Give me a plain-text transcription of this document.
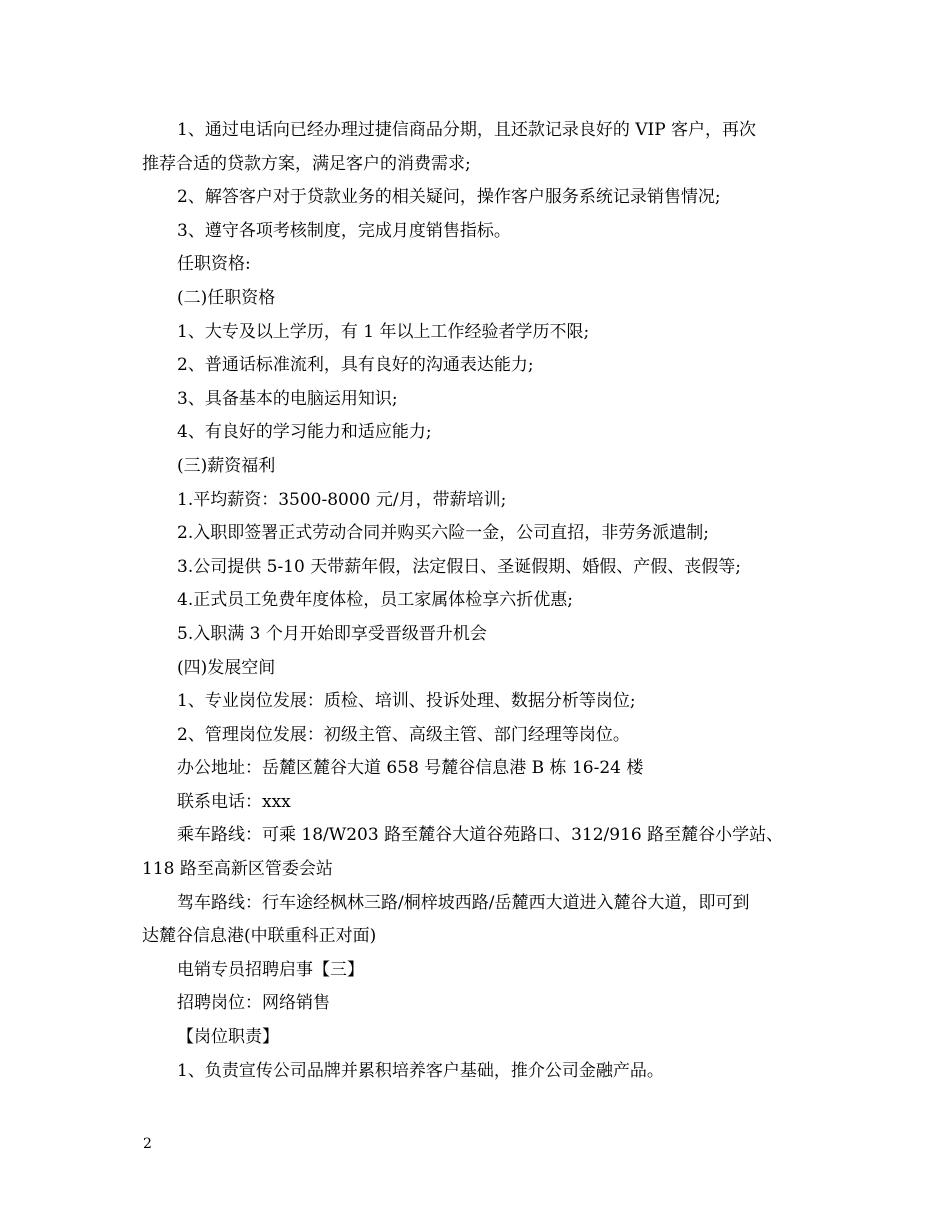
1、通过电话向已经办理过捷信商品分期，且还款记录良好的 VIP 客户，再次
推荐合适的贷款方案，满足客户的消费需求;
2、解答客户对于贷款业务的相关疑问，操作客户服务系统记录销售情况;
3、遵守各项考核制度，完成月度销售指标。
任职资格:
(二)任职资格
1、大专及以上学历，有 1 年以上工作经验者学历不限;
2、普通话标准流利，具有良好的沟通表达能力;
3、具备基本的电脑运用知识;
4、有良好的学习能力和适应能力;
(三)薪资福利
1.平均薪资：3500-8000 元/月，带薪培训;
2.入职即签署正式劳动合同并购买六险一金，公司直招，非劳务派遣制;
3.公司提供 5-10 天带薪年假，法定假日、圣诞假期、婚假、产假、丧假等;
4.正式员工免费年度体检，员工家属体检享六折优惠;
5.入职满 3 个月开始即享受晋级晋升机会
(四)发展空间
1、专业岗位发展：质检、培训、投诉处理、数据分析等岗位;
2、管理岗位发展：初级主管、高级主管、部门经理等岗位。
办公地址：岳麓区麓谷大道 658 号麓谷信息港 B 栋 16-24 楼
联系电话：xxx
乘车路线：可乘 18/W203 路至麓谷大道谷苑路口、312/916 路至麓谷小学站、
118 路至高新区管委会站
驾车路线：行车途经枫林三路/桐梓坡西路/岳麓西大道进入麓谷大道，即可到
达麓谷信息港(中联重科正对面)
电销专员招聘启事【三】
招聘岗位：网络销售
【岗位职责】
1、负责宣传公司品牌并累积培养客户基础，推介公司金融产品。
2
